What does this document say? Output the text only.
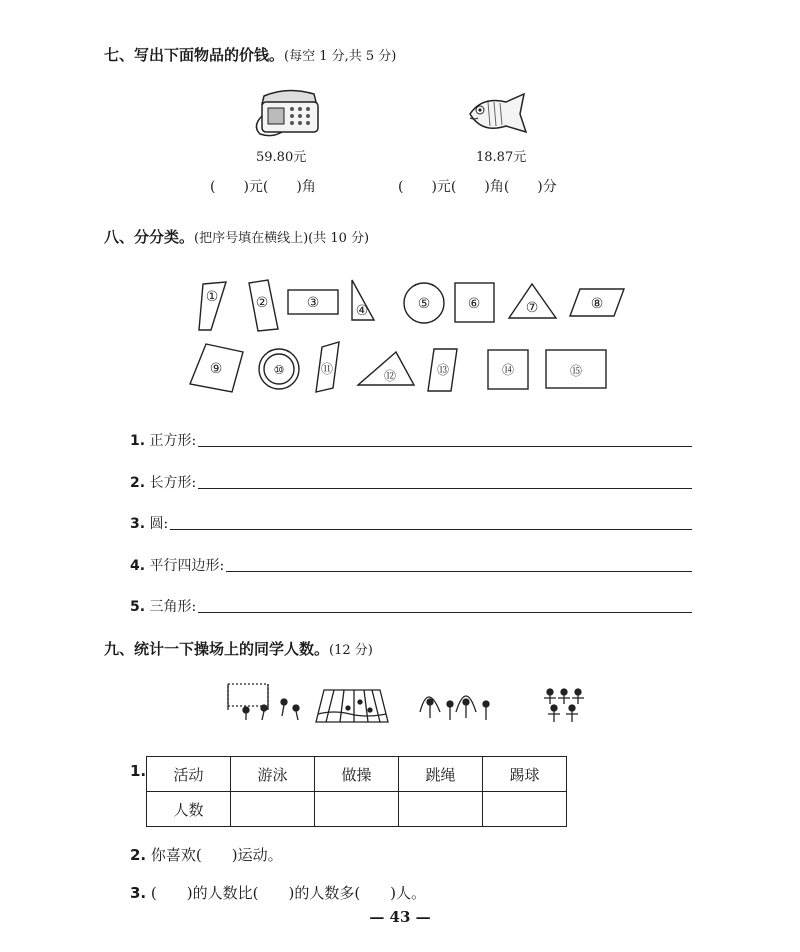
七、写出下面物品的价钱。(每空 1 分,共 5 分)
59.80元
(　　)元(　　)角
18.87元
(　　)元(　　)角(　　)分
八、分分类。(把序号填在横线上)(共 10 分)
①	②	③	④	⑤	⑥	⑦	⑧
⑨	⑩	⑪	⑫	⑬	⑭	⑮
1. 正方形:
2. 长方形:
3. 圆:
4. 平行四边形:
5. 三角形:
九、统计一下操场上的同学人数。(12 分)
1. 活动	游泳	做操	跳绳	踢球
人数				
2. 你喜欢(　　)运动。
3. (　　)的人数比(　　)的人数多(　　)人。
— 43 —
